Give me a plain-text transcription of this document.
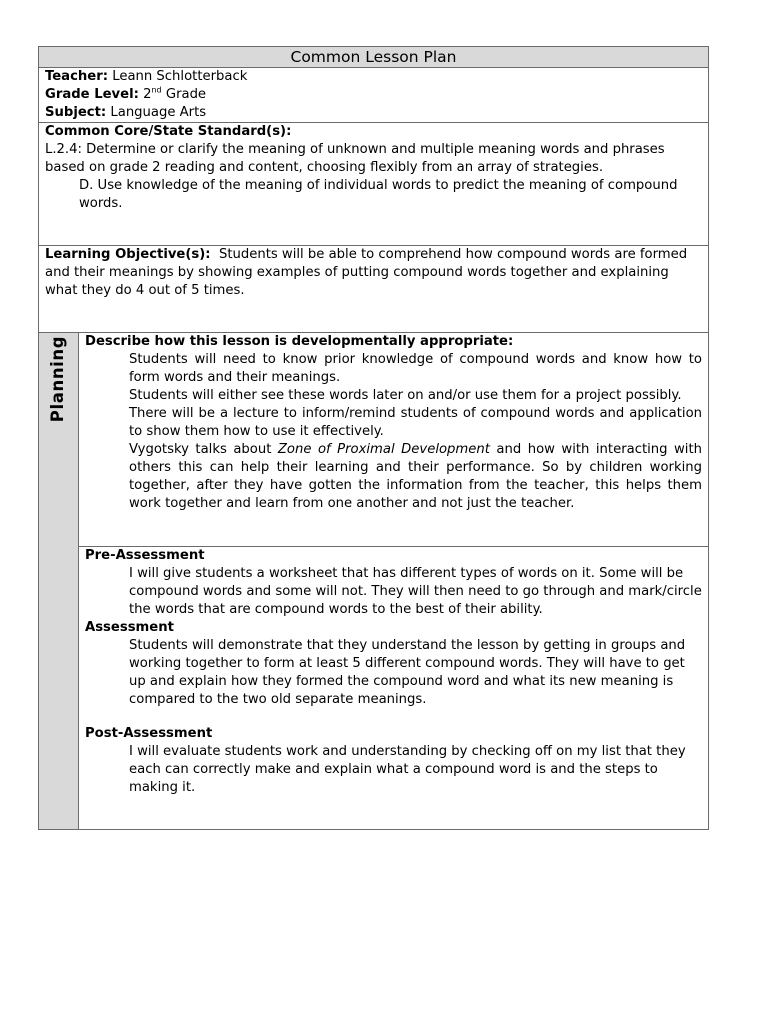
Common Lesson Plan

Teacher: Leann Schlotterback

Grade Level: 2nd Grade

Subject: Language Arts

Common Core/State Standard(s):

L.2.4: Determine or clarify the meaning of unknown and multiple meaning words and phrases based on grade 2 reading and content, choosing flexibly from an array of strategies.

D. Use knowledge of the meaning of individual words to predict the meaning of compound words.

Learning Objective(s): Students will be able to comprehend how compound words are formed and their meanings by showing examples of putting compound words together and explaining what they do 4 out of 5 times.

Planning	Describe how this lesson is developmentally appropriate:

Students will need to know prior knowledge of compound words and know how to form words and their meanings.

Students will either see these words later on and/or use them for a project possibly.

There will be a lecture to inform/remind students of compound words and application to show them how to use it effectively.

Vygotsky talks about Zone of Proximal Development and how with interacting with others this can help their learning and their performance. So by children working together, after they have gotten the information from the teacher, this helps them work together and learn from one another and not just the teacher.

Pre-Assessment

I will give students a worksheet that has different types of words on it. Some will be compound words and some will not. They will then need to go through and mark/circle the words that are compound words to the best of their ability.

Assessment

Students will demonstrate that they understand the lesson by getting in groups and working together to form at least 5 different compound words. They will have to get up and explain how they formed the compound word and what its new meaning is compared to the two old separate meanings.

Post-Assessment

I will evaluate students work and understanding by checking off on my list that they each can correctly make and explain what a compound word is and the steps to making it.
